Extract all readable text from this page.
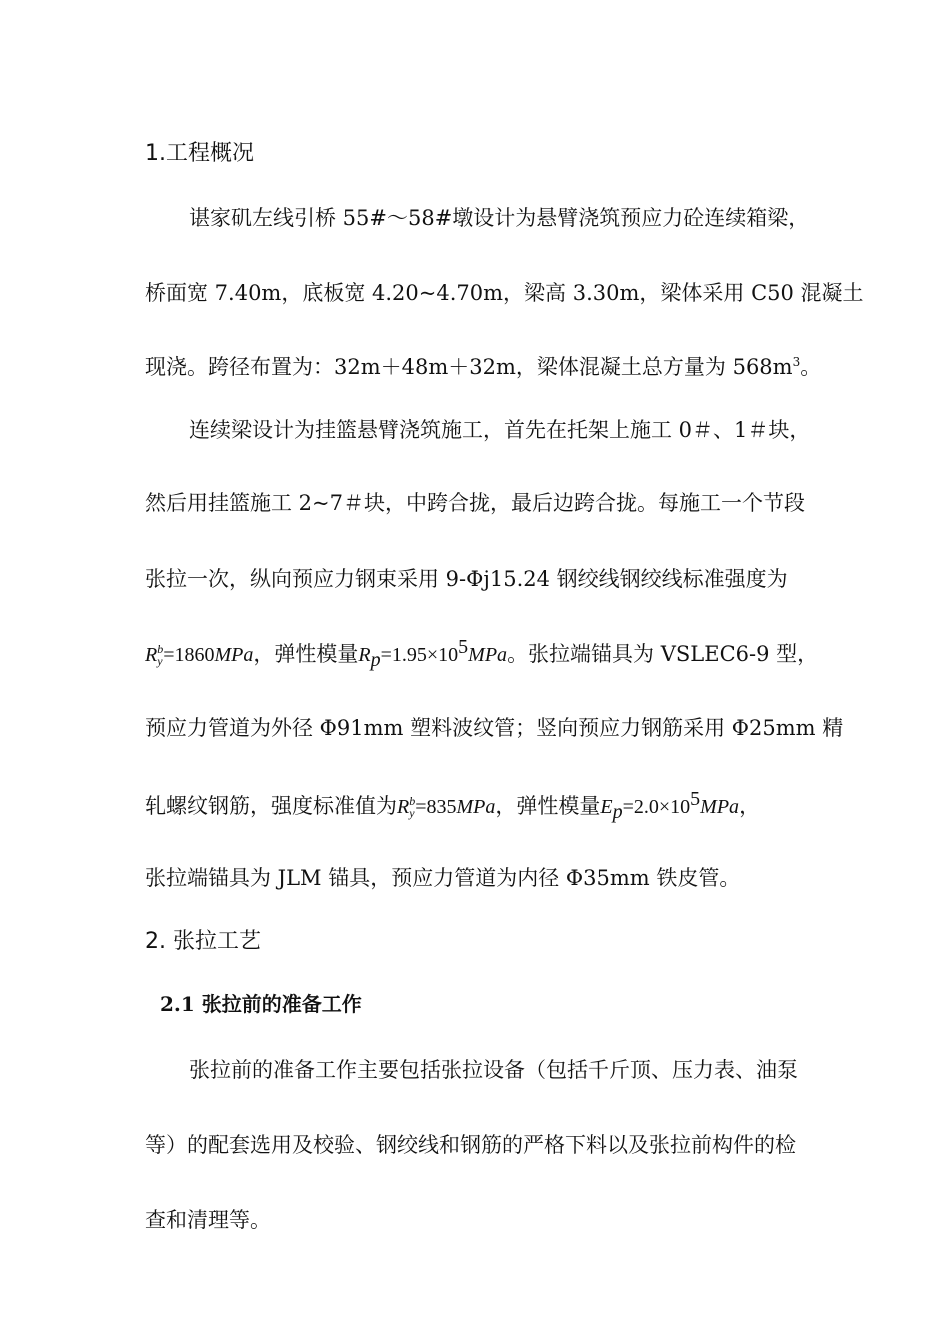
1.工程概况

谌家矶左线引桥 55#～58#墩设计为悬臂浇筑预应力砼连续箱梁，

桥面宽 7.40m，底板宽 4.20~4.70m，梁高 3.30m，梁体采用 C50 混凝土

现浇。跨径布置为：32m＋48m＋32m，梁体混凝土总方量为 $568m^3$。

连续梁设计为挂篮悬臂浇筑施工，首先在托架上施工 0＃、1＃块，

然后用挂篮施工 2~7＃块，中跨合拢，最后边跨合拢。每施工一个节段

张拉一次，纵向预应力钢束采用 9-Φj15.24 钢绞线钢绞线标准强度为

R b
y =1860MPa，弹性模量$R_p=1.95\times 10^5MPa$。张拉端锚具为 VSLEC6-9 型，

预应力管道为外径 Φ91mm 塑料波纹管；竖向预应力钢筋采用 Φ25mm 精

轧螺纹钢筋，强度标准值为R b
y =835MPa，弹性模量$E_p=2.0\times 10^5MPa$，

张拉端锚具为 JLM 锚具，预应力管道为内径 Φ35mm 铁皮管。

2. 张拉工艺

2.1 张拉前的准备工作

张拉前的准备工作主要包括张拉设备（包括千斤顶、压力表、油泵

等）的配套选用及校验、钢绞线和钢筋的严格下料以及张拉前构件的检

查和清理等。
